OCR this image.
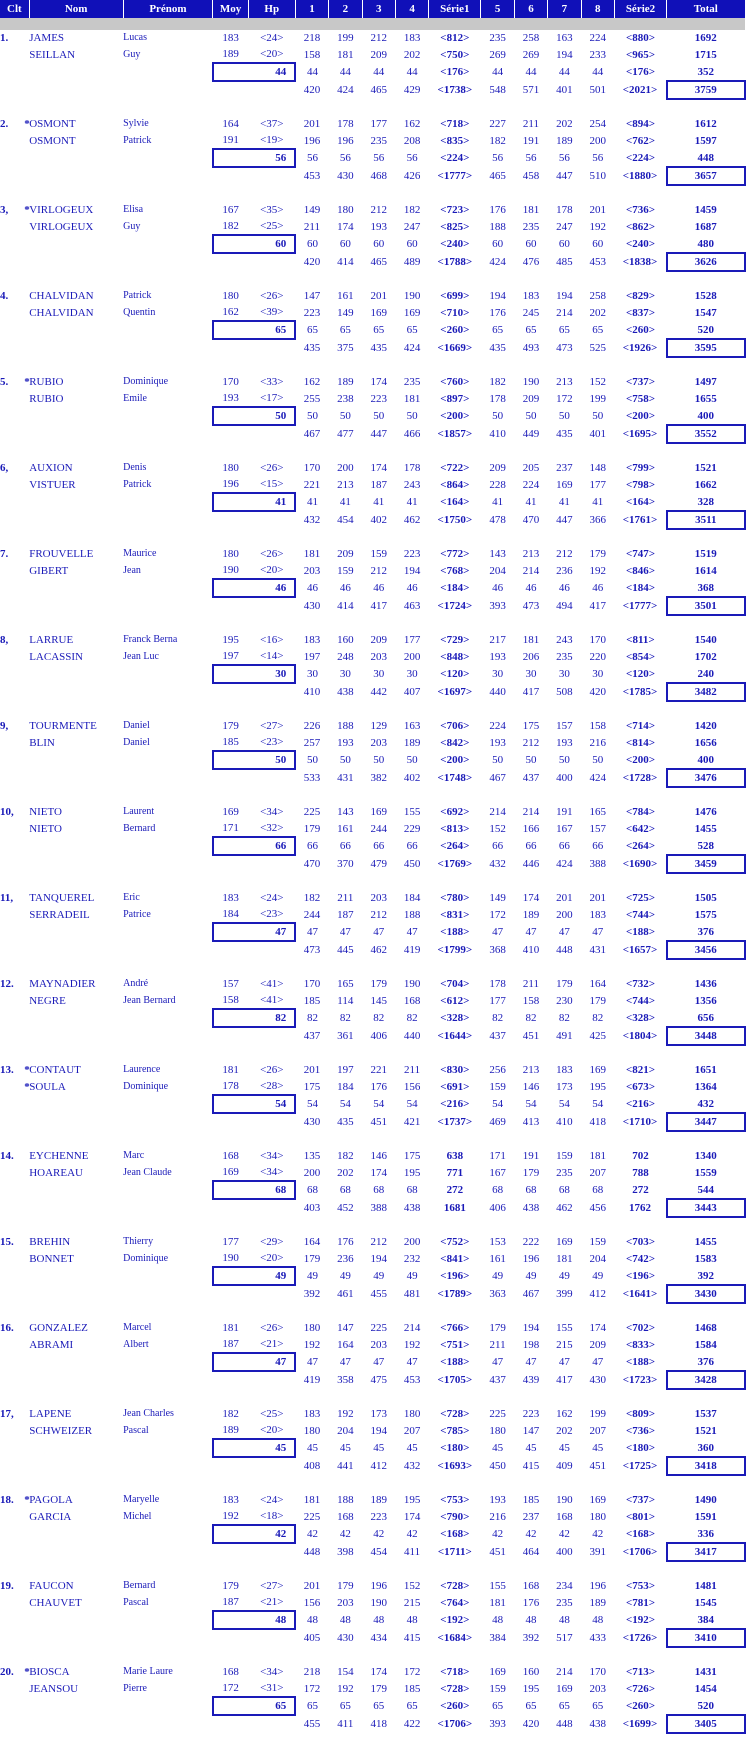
Clt	Nom	Prénom	Moy	Hp	1	2	3	4	Série1	5	6	7	8	Série2	Total

1.	JAMES	Lucas	183	<24>	218	199	212	183	<812>	235	258	163	224	<880>	1692
	SEILLAN	Guy	189	<20>	158	181	209	202	<750>	269	269	194	233	<965>	1715
			44		44	44	44	44	<176>	44	44	44	44	<176>	352
					420	424	465	429	<1738>	548	571	401	501	<2021>	3759

2. *	OSMONT	Sylvie	164	<37>	201	178	177	162	<718>	227	211	202	254	<894>	1612
	OSMONT	Patrick	191	<19>	196	196	235	208	<835>	182	191	189	200	<762>	1597
			56		56	56	56	56	<224>	56	56	56	56	<224>	448
					453	430	468	426	<1777>	465	458	447	510	<1880>	3657

3, *	VIRLOGEUX	Elisa	167	<35>	149	180	212	182	<723>	176	181	178	201	<736>	1459
	VIRLOGEUX	Guy	182	<25>	211	174	193	247	<825>	188	235	247	192	<862>	1687
			60		60	60	60	60	<240>	60	60	60	60	<240>	480
					420	414	465	489	<1788>	424	476	485	453	<1838>	3626

4.	CHALVIDAN	Patrick	180	<26>	147	161	201	190	<699>	194	183	194	258	<829>	1528
	CHALVIDAN	Quentin	162	<39>	223	149	169	169	<710>	176	245	214	202	<837>	1547
			65		65	65	65	65	<260>	65	65	65	65	<260>	520
					435	375	435	424	<1669>	435	493	473	525	<1926>	3595

5. *	RUBIO	Dominique	170	<33>	162	189	174	235	<760>	182	190	213	152	<737>	1497
	RUBIO	Emile	193	<17>	255	238	223	181	<897>	178	209	172	199	<758>	1655
			50		50	50	50	50	<200>	50	50	50	50	<200>	400
					467	477	447	466	<1857>	410	449	435	401	<1695>	3552

6,	AUXION	Denis	180	<26>	170	200	174	178	<722>	209	205	237	148	<799>	1521
	VISTUER	Patrick	196	<15>	221	213	187	243	<864>	228	224	169	177	<798>	1662
			41		41	41	41	41	<164>	41	41	41	41	<164>	328
					432	454	402	462	<1750>	478	470	447	366	<1761>	3511

7.	FROUVELLE	Maurice	180	<26>	181	209	159	223	<772>	143	213	212	179	<747>	1519
	GIBERT	Jean	190	<20>	203	159	212	194	<768>	204	214	236	192	<846>	1614
			46		46	46	46	46	<184>	46	46	46	46	<184>	368
					430	414	417	463	<1724>	393	473	494	417	<1777>	3501

8,	LARRUE	Franck Berna	195	<16>	183	160	209	177	<729>	217	181	243	170	<811>	1540
	LACASSIN	Jean Luc	197	<14>	197	248	203	200	<848>	193	206	235	220	<854>	1702
			30		30	30	30	30	<120>	30	30	30	30	<120>	240
					410	438	442	407	<1697>	440	417	508	420	<1785>	3482

9,	TOURMENTE	Daniel	179	<27>	226	188	129	163	<706>	224	175	157	158	<714>	1420
	BLIN	Daniel	185	<23>	257	193	203	189	<842>	193	212	193	216	<814>	1656
			50		50	50	50	50	<200>	50	50	50	50	<200>	400
					533	431	382	402	<1748>	467	437	400	424	<1728>	3476

10,	NIETO	Laurent	169	<34>	225	143	169	155	<692>	214	214	191	165	<784>	1476
	NIETO	Bernard	171	<32>	179	161	244	229	<813>	152	166	167	157	<642>	1455
			66		66	66	66	66	<264>	66	66	66	66	<264>	528
					470	370	479	450	<1769>	432	446	424	388	<1690>	3459

11,	TANQUEREL	Eric	183	<24>	182	211	203	184	<780>	149	174	201	201	<725>	1505
	SERRADEIL	Patrice	184	<23>	244	187	212	188	<831>	172	189	200	183	<744>	1575
			47		47	47	47	47	<188>	47	47	47	47	<188>	376
					473	445	462	419	<1799>	368	410	448	431	<1657>	3456

12.	MAYNADIER	André	157	<41>	170	165	179	190	<704>	178	211	179	164	<732>	1436
	NEGRE	Jean Bernard	158	<41>	185	114	145	168	<612>	177	158	230	179	<744>	1356
			82		82	82	82	82	<328>	82	82	82	82	<328>	656
					437	361	406	440	<1644>	437	451	491	425	<1804>	3448

13. *	CONTAUT	Laurence	181	<26>	201	197	221	211	<830>	256	213	183	169	<821>	1651
*	SOULA	Dominique	178	<28>	175	184	176	156	<691>	159	146	173	195	<673>	1364
			54		54	54	54	54	<216>	54	54	54	54	<216>	432
					430	435	451	421	<1737>	469	413	410	418	<1710>	3447

14.	EYCHENNE	Marc	168	<34>	135	182	146	175	638	171	191	159	181	702	1340
	HOAREAU	Jean Claude	169	<34>	200	202	174	195	771	167	179	235	207	788	1559
			68		68	68	68	68	272	68	68	68	68	272	544
					403	452	388	438	1681	406	438	462	456	1762	3443

15.	BREHIN	Thierry	177	<29>	164	176	212	200	<752>	153	222	169	159	<703>	1455
	BONNET	Dominique	190	<20>	179	236	194	232	<841>	161	196	181	204	<742>	1583
			49		49	49	49	49	<196>	49	49	49	49	<196>	392
					392	461	455	481	<1789>	363	467	399	412	<1641>	3430

16.	GONZALEZ	Marcel	181	<26>	180	147	225	214	<766>	179	194	155	174	<702>	1468
	ABRAMI	Albert	187	<21>	192	164	203	192	<751>	211	198	215	209	<833>	1584
			47		47	47	47	47	<188>	47	47	47	47	<188>	376
					419	358	475	453	<1705>	437	439	417	430	<1723>	3428

17,	LAPENE	Jean Charles	182	<25>	183	192	173	180	<728>	225	223	162	199	<809>	1537
	SCHWEIZER	Pascal	189	<20>	180	204	194	207	<785>	180	147	202	207	<736>	1521
			45		45	45	45	45	<180>	45	45	45	45	<180>	360
					408	441	412	432	<1693>	450	415	409	451	<1725>	3418

18. *	PAGOLA	Maryelle	183	<24>	181	188	189	195	<753>	193	185	190	169	<737>	1490
	GARCIA	Michel	192	<18>	225	168	223	174	<790>	216	237	168	180	<801>	1591
			42		42	42	42	42	<168>	42	42	42	42	<168>	336
					448	398	454	411	<1711>	451	464	400	391	<1706>	3417

19.	FAUCON	Bernard	179	<27>	201	179	196	152	<728>	155	168	234	196	<753>	1481
	CHAUVET	Pascal	187	<21>	156	203	190	215	<764>	181	176	235	189	<781>	1545
			48		48	48	48	48	<192>	48	48	48	48	<192>	384
					405	430	434	415	<1684>	384	392	517	433	<1726>	3410

20. *	BIOSCA	Marie Laure	168	<34>	218	154	174	172	<718>	169	160	214	170	<713>	1431
	JEANSOU	Pierre	172	<31>	172	192	179	185	<728>	159	195	169	203	<726>	1454
			65		65	65	65	65	<260>	65	65	65	65	<260>	520
					455	411	418	422	<1706>	393	420	448	438	<1699>	3405
